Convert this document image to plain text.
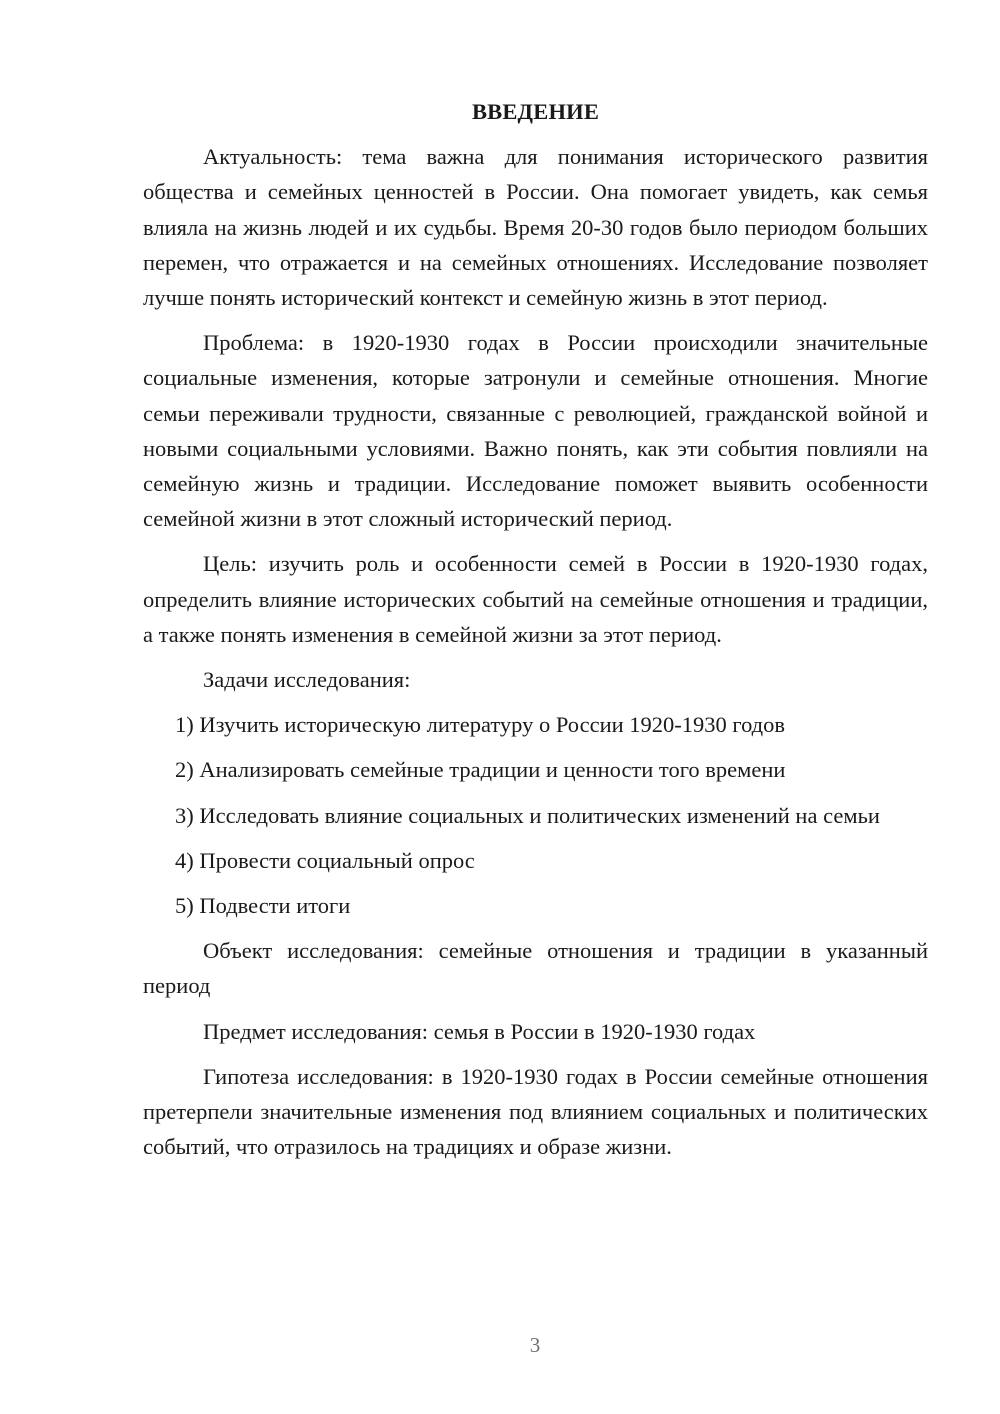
ВВЕДЕНИЕ

Актуальность: тема важна для понимания исторического развития общества и семейных ценностей в России. Она помогает увидеть, как семья влияла на жизнь людей и их судьбы. Время 20-30 годов было периодом больших перемен, что отражается и на семейных отношениях. Исследование позволяет лучше понять исторический контекст и семейную жизнь в этот период.

Проблема: в 1920-1930 годах в России происходили значительные социальные изменения, которые затронули и семейные отношения. Многие семьи переживали трудности, связанные с революцией, гражданской войной и новыми социальными условиями. Важно понять, как эти события повлияли на семейную жизнь и традиции. Исследование поможет выявить особенности семейной жизни в этот сложный исторический период.

Цель: изучить роль и особенности семей в России в 1920-1930 годах, определить влияние исторических событий на семейные отношения и традиции, а также понять изменения в семейной жизни за этот период.

Задачи исследования:

1) Изучить историческую литературу о России 1920-1930 годов

2) Анализировать семейные традиции и ценности того времени

3) Исследовать влияние социальных и политических изменений на семьи

4) Провести социальный опрос

5) Подвести итоги

Объект исследования: семейные отношения и традиции в указанный период

Предмет исследования: семья в России в 1920-1930 годах

Гипотеза исследования: в 1920-1930 годах в России семейные отношения претерпели значительные изменения под влиянием социальных и политических событий, что отразилось на традициях и образе жизни.

3
